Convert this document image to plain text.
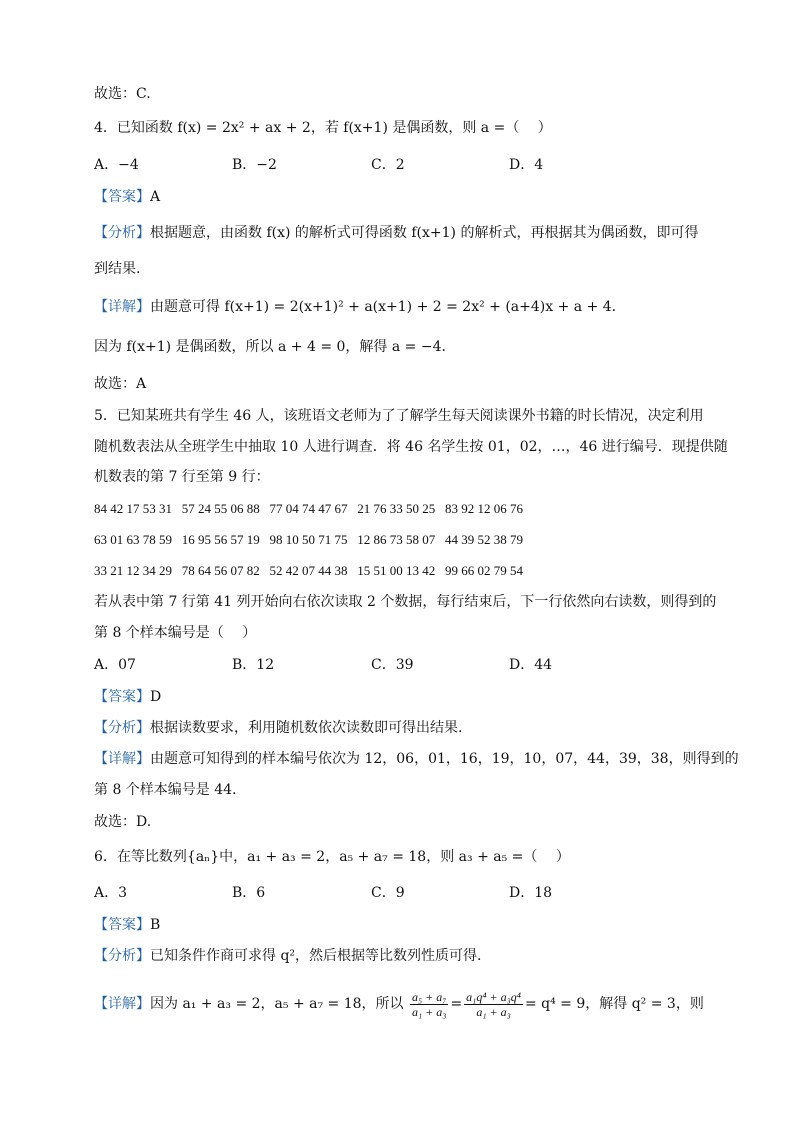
故选：C.
4．已知函数 f(x) = 2x² + ax + 2，若 f(x+1) 是偶函数，则 a =（　 ）
A．−4	B．−2	C．2	D．4
【答案】A
【分析】根据题意，由函数 f(x) 的解析式可得函数 f(x+1) 的解析式，再根据其为偶函数，即可得
到结果.
【详解】由题意可得 f(x+1) = 2(x+1)² + a(x+1) + 2 = 2x² + (a+4)x + a + 4．
因为 f(x+1) 是偶函数，所以 a + 4 = 0，解得 a = −4．
故选：A
5．已知某班共有学生 46 人，该班语文老师为了了解学生每天阅读课外书籍的时长情况，决定利用
随机数表法从全班学生中抽取 10 人进行调查．将 46 名学生按 01，02，…，46 进行编号．现提供随
机数表的第 7 行至第 9 行：
84 42 17 53 31   57 24 55 06 88   77 04 74 47 67   21 76 33 50 25   83 92 12 06 76
63 01 63 78 59   16 95 56 57 19   98 10 50 71 75   12 86 73 58 07   44 39 52 38 79
33 21 12 34 29   78 64 56 07 82   52 42 07 44 38   15 51 00 13 42   99 66 02 79 54
若从表中第 7 行第 41 列开始向右依次读取 2 个数据，每行结束后，下一行依然向右读数，则得到的
第 8 个样本编号是（　 ）
A．07	B．12	C．39	D．44
【答案】D
【分析】根据读数要求，利用随机数依次读数即可得出结果.
【详解】由题意可知得到的样本编号依次为 12，06，01，16，19，10，07，44，39，38，则得到的
第 8 个样本编号是 44．
故选：D.
6．在等比数列{aₙ}中，a₁ + a₃ = 2，a₅ + a₇ = 18，则 a₃ + a₅ =（　 ）
A．3	B．6	C．9	D．18
【答案】B
【分析】已知条件作商可求得 q²，然后根据等比数列性质可得.
【详解】因为 a₁ + a₃ = 2，a₅ + a₇ = 18，所以 $\frac{\text{a₅ + a₇}}{\text{a₁ + a₃}} = \frac{\text{a₁q⁴ + a₃q⁴}}{\text{a₁ + a₃}} = q^4 = 9$，解得 q² = 3，则
